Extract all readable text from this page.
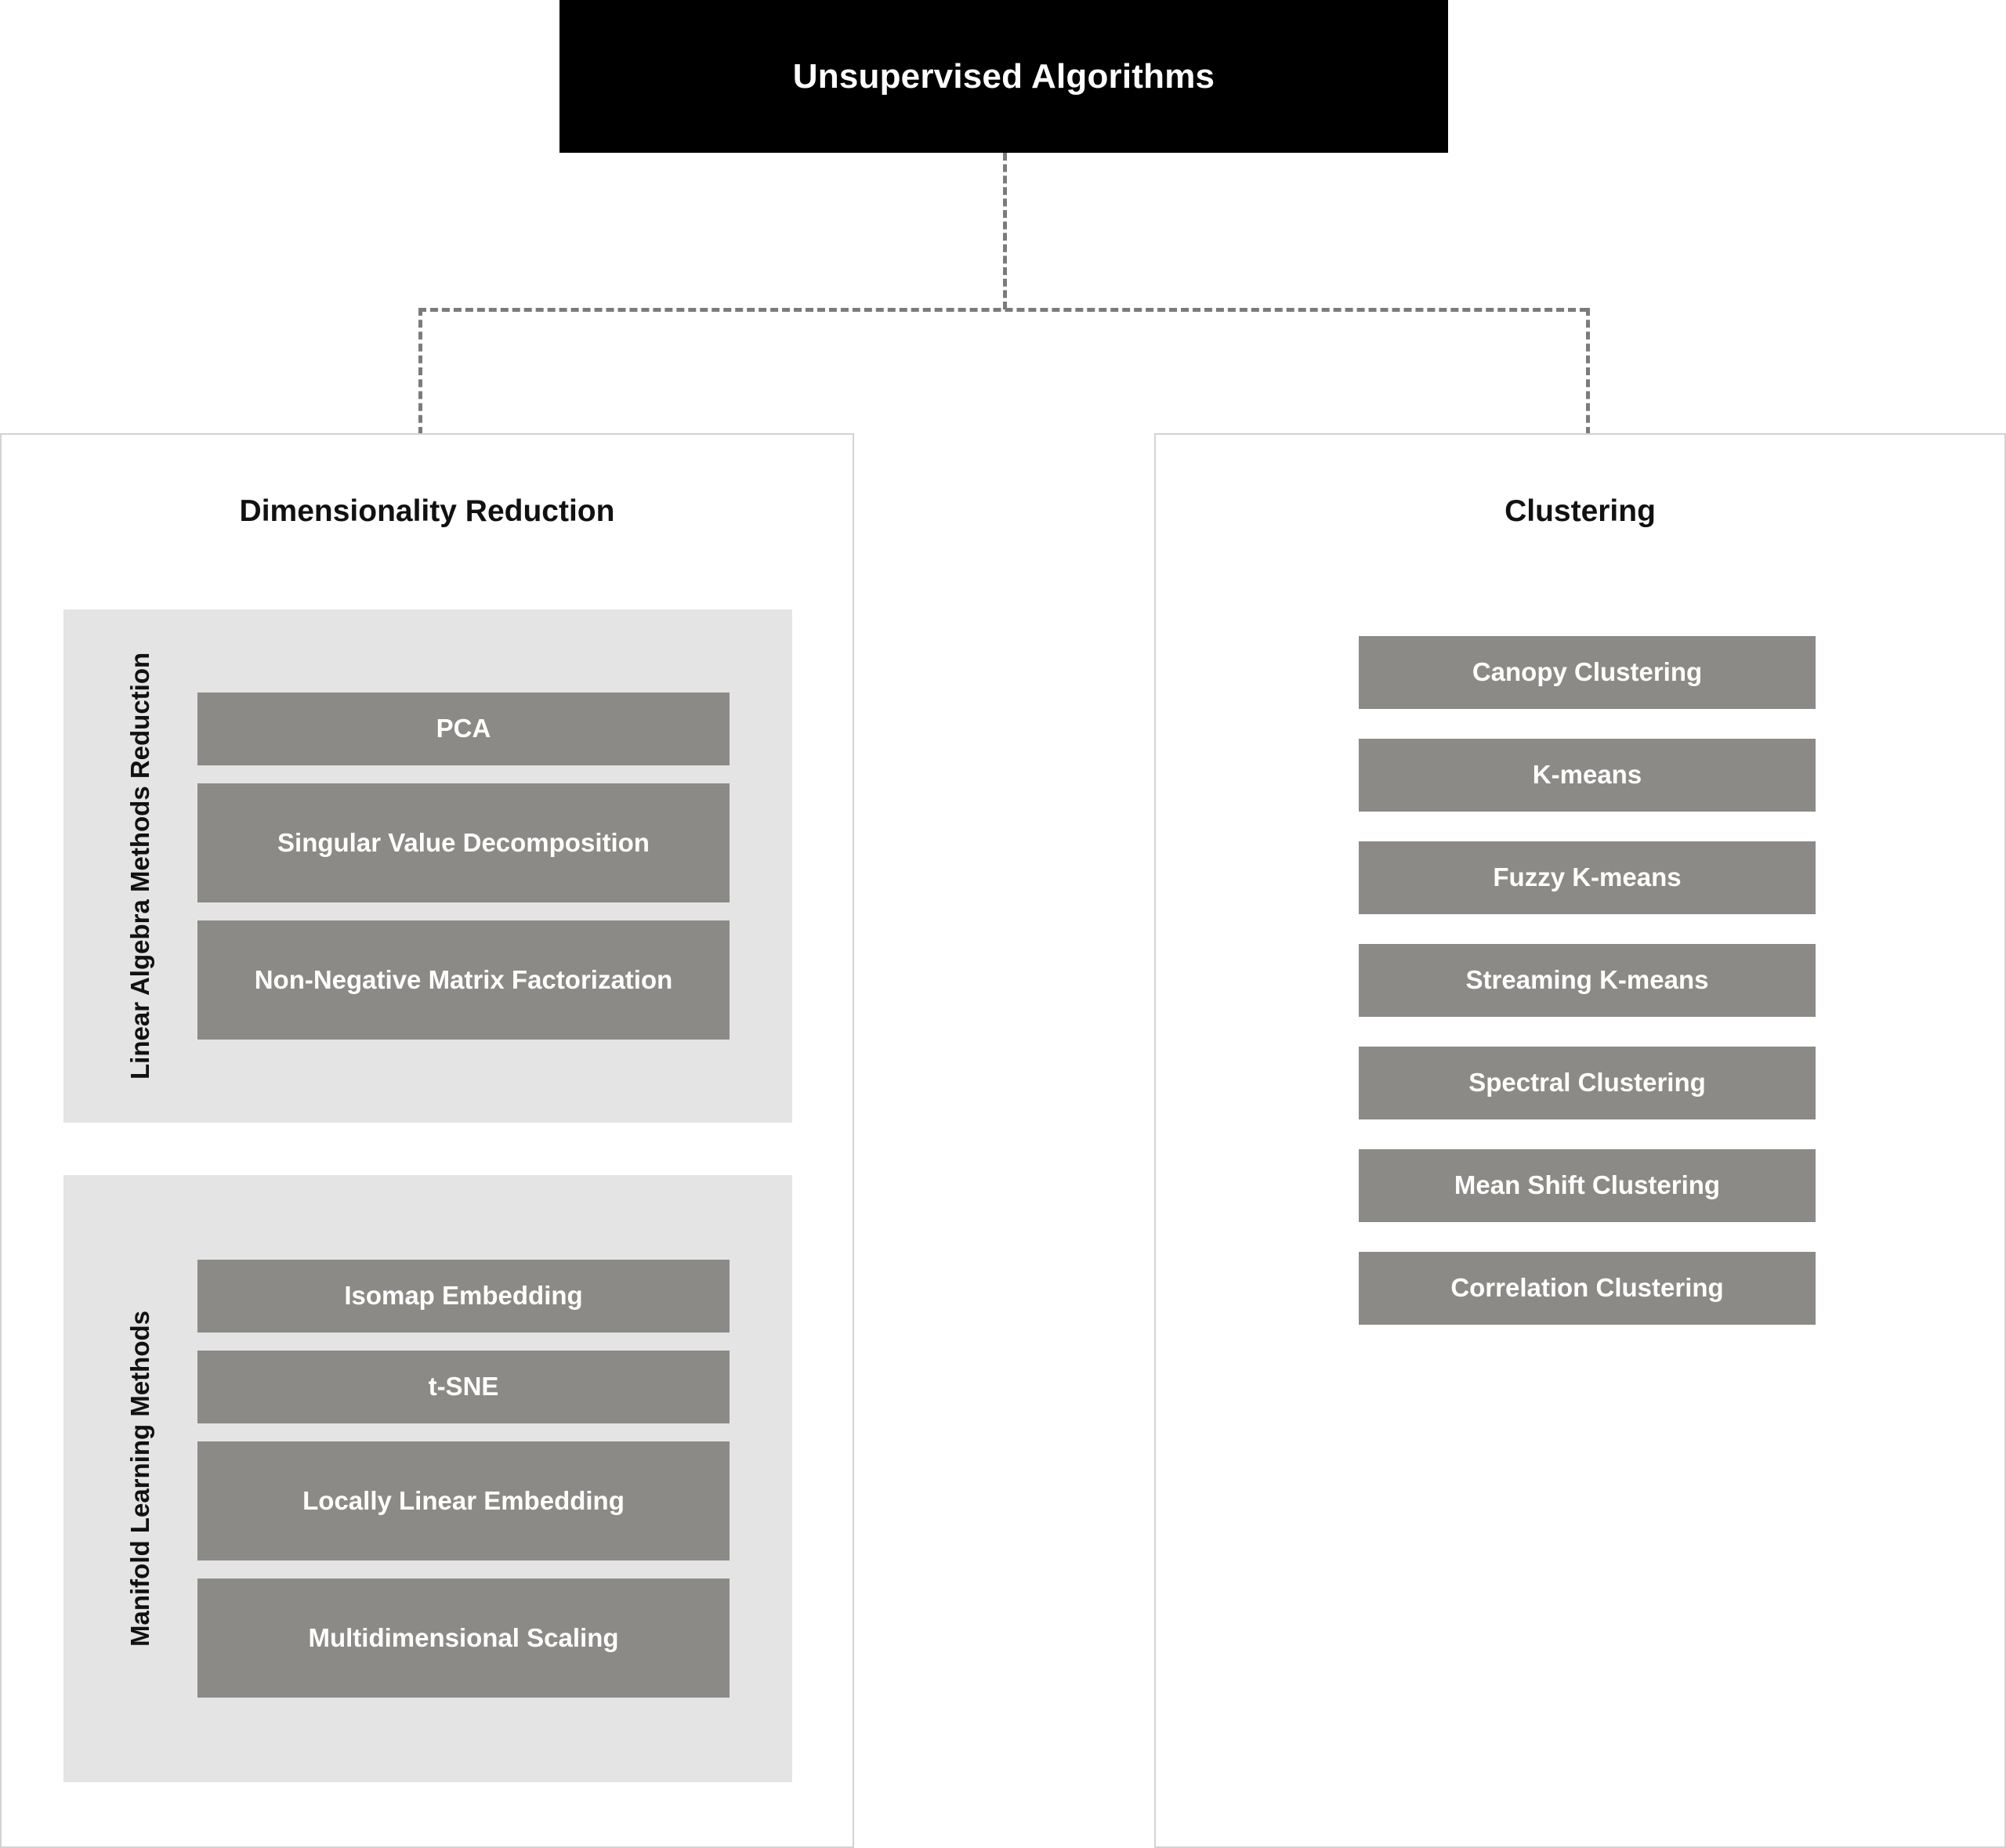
Unsupervised Algorithms
Dimensionality Reduction
Linear Algebra Methods Reduction	PCA
Singular Value Decomposition
Non-Negative Matrix Factorization
Manifold Learning Methods
Isomap Embedding
t-SNE
Locally Linear Embedding
Multidimensional Scaling
Clustering
Canopy Clustering
K-means
Fuzzy K-means
Streaming K-means
Spectral Clustering
Mean Shift Clustering
Correlation Clustering
